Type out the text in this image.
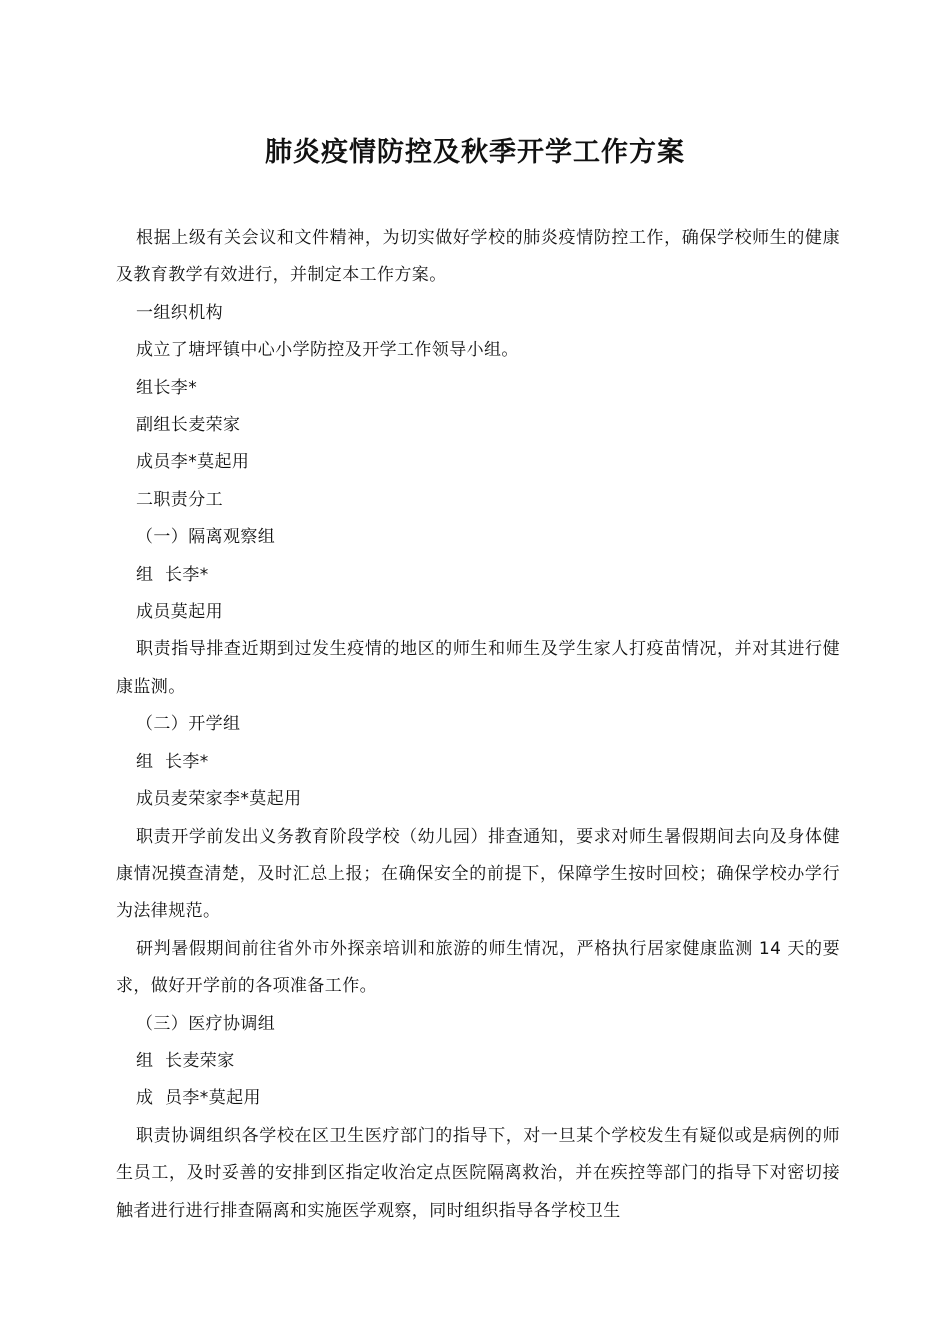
肺炎疫情防控及秋季开学工作方案

根据上级有关会议和文件精神，为切实做好学校的肺炎疫情防控工作，确保学校师生的健康及教育教学有效进行，并制定本工作方案。

一组织机构

成立了塘坪镇中心小学防控及开学工作领导小组。

组长李*

副组长麦荣家

成员李*莫起用

二职责分工

（一）隔离观察组

组  长李*

成员莫起用

职责指导排查近期到过发生疫情的地区的师生和师生及学生家人打疫苗情况，并对其进行健康监测。

（二）开学组

组  长李*

成员麦荣家李*莫起用

职责开学前发出义务教育阶段学校（幼儿园）排查通知，要求对师生暑假期间去向及身体健康情况摸查清楚，及时汇总上报；在确保安全的前提下，保障学生按时回校；确保学校办学行为法律规范。

研判暑假期间前往省外市外探亲培训和旅游的师生情况，严格执行居家健康监测 14 天的要求，做好开学前的各项准备工作。

（三）医疗协调组

组  长麦荣家

成  员李*莫起用

职责协调组织各学校在区卫生医疗部门的指导下，对一旦某个学校发生有疑似或是病例的师生员工，及时妥善的安排到区指定收治定点医院隔离救治，并在疾控等部门的指导下对密切接触者进行进行排查隔离和实施医学观察，同时组织指导各学校卫生
